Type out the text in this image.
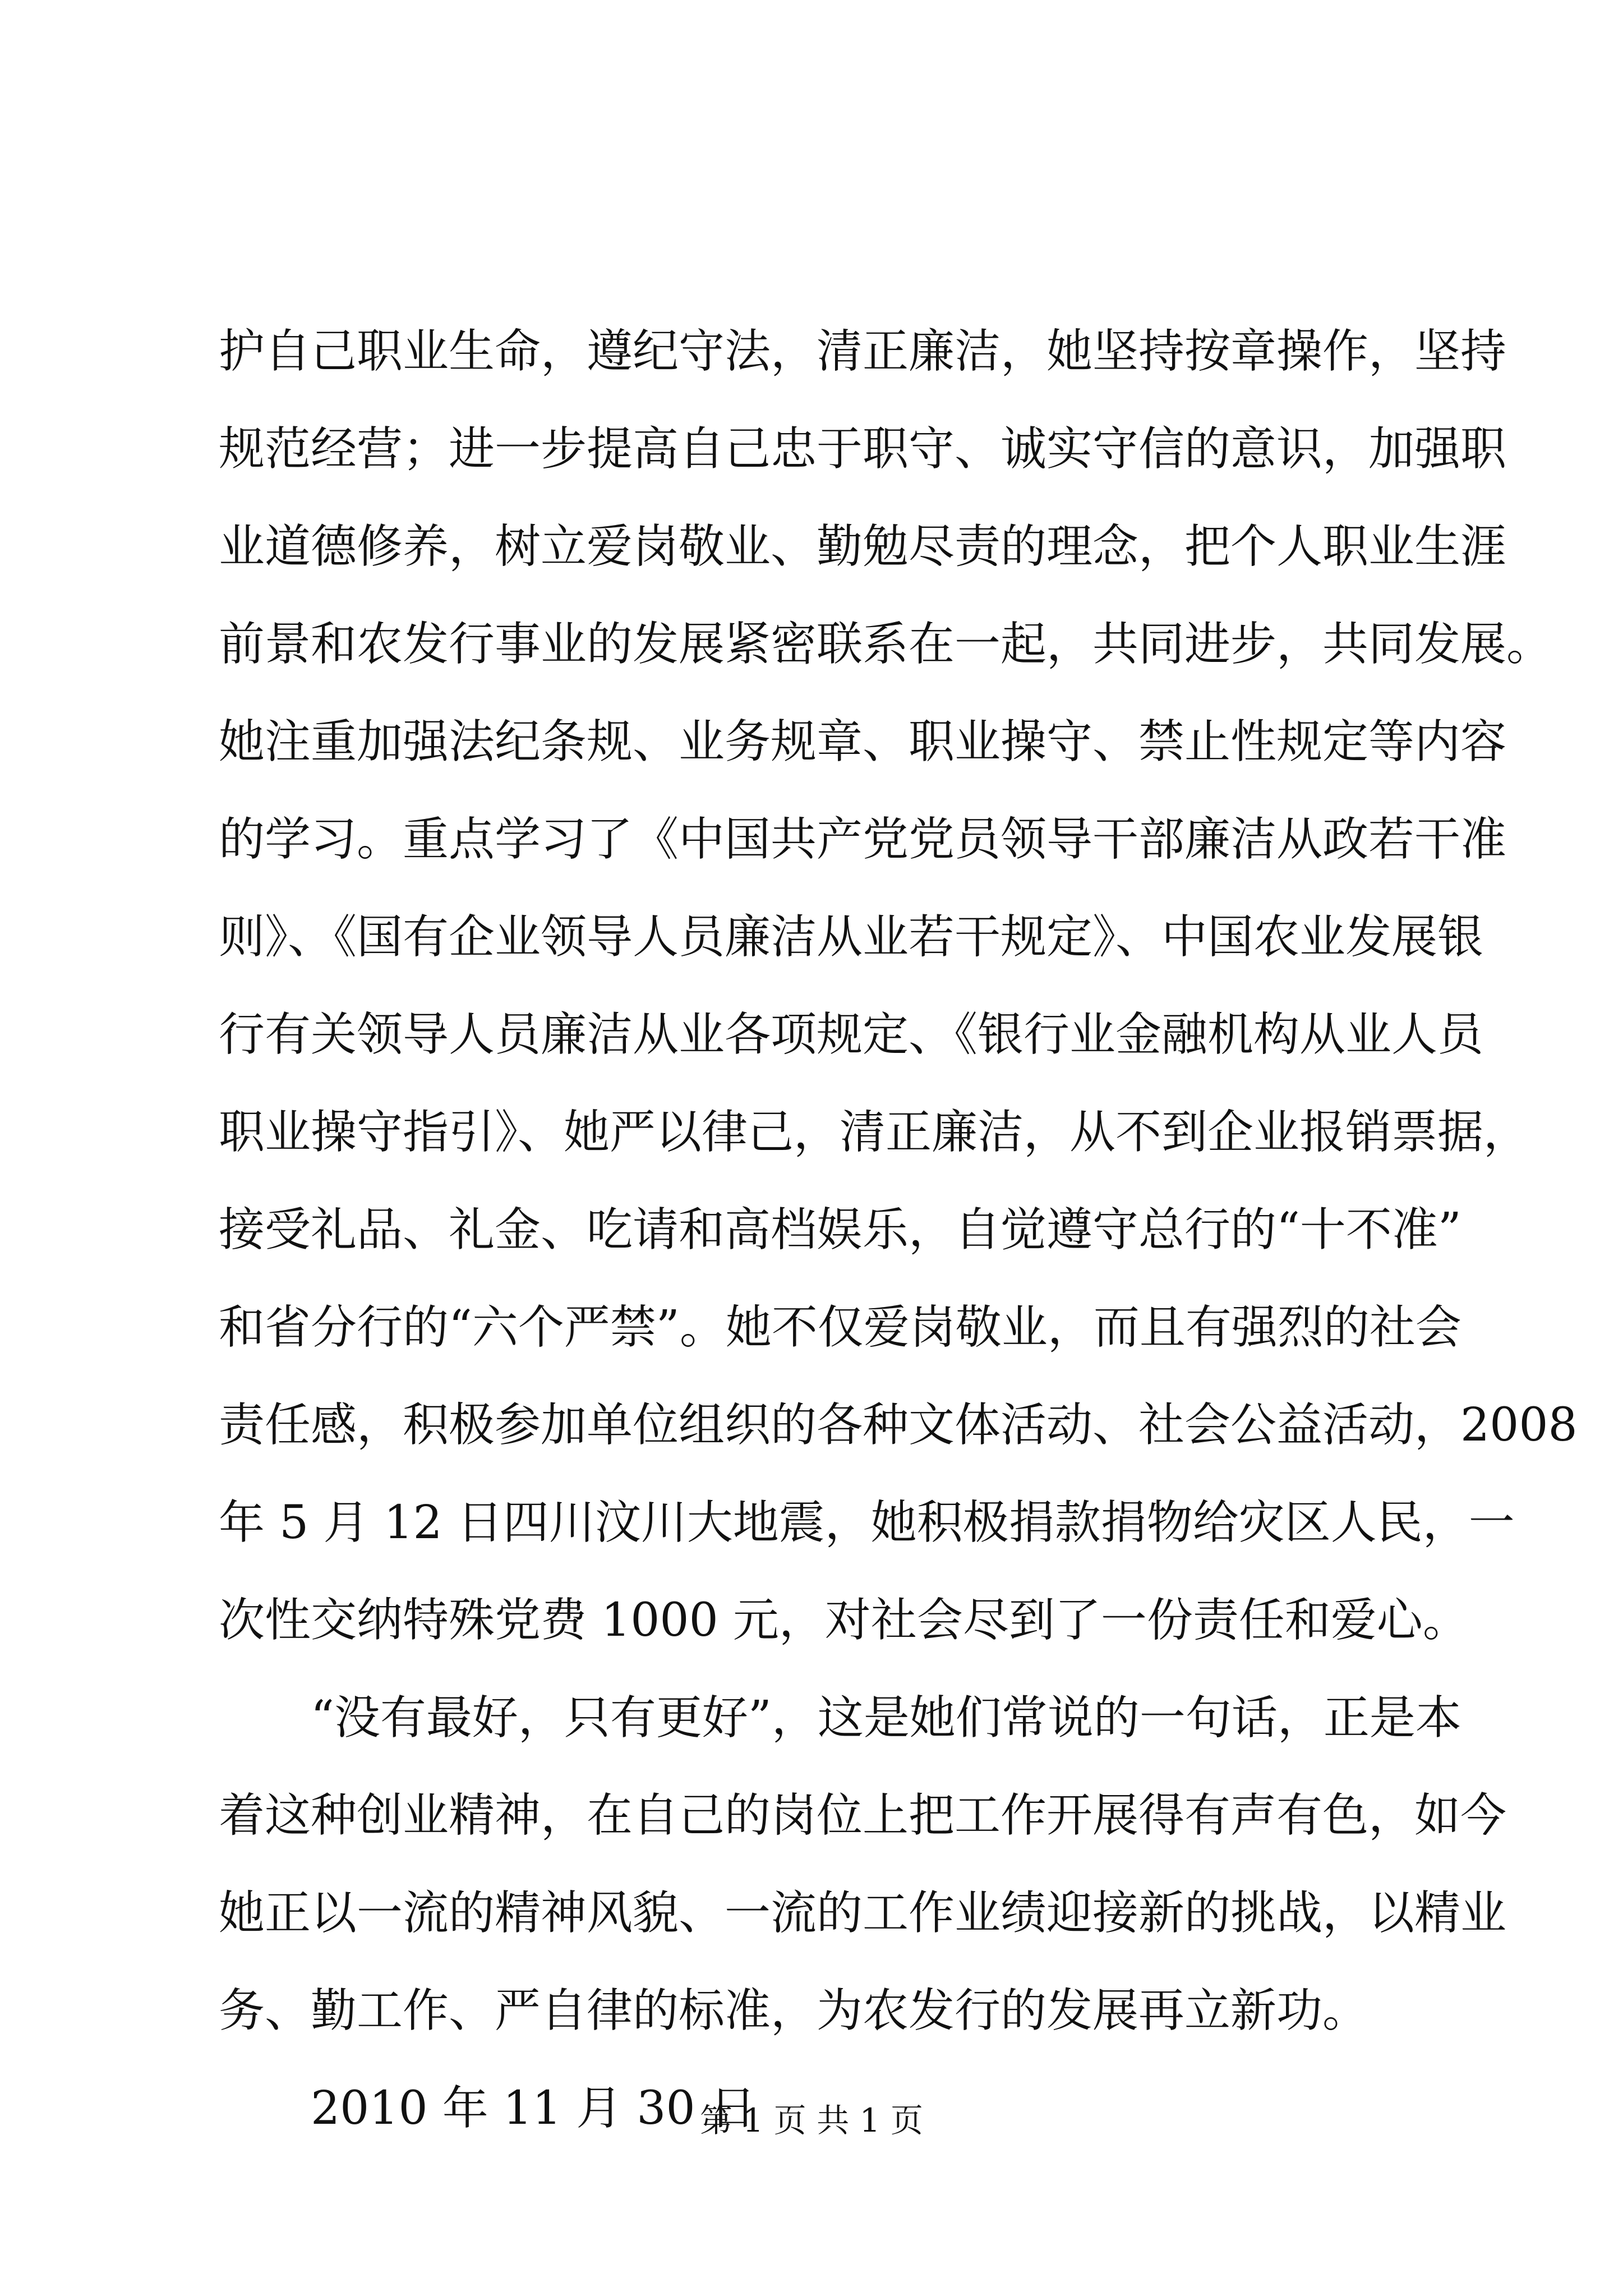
护自己职业生命，遵纪守法，清正廉洁，她坚持按章操作，坚持
规范经营；进一步提高自己忠于职守、诚实守信的意识，加强职
业道德修养，树立爱岗敬业、勤勉尽责的理念，把个人职业生涯
前景和农发行事业的发展紧密联系在一起，共同进步，共同发展。
她注重加强法纪条规、业务规章、职业操守、禁止性规定等内容
的学习。重点学习了《中国共产党党员领导干部廉洁从政若干准
则》、《国有企业领导人员廉洁从业若干规定》、中国农业发展银
行有关领导人员廉洁从业各项规定、《银行业金融机构从业人员
职业操守指引》、她严以律己，清正廉洁，从不到企业报销票据，
接受礼品、礼金、吃请和高档娱乐，自觉遵守总行的“十不准”
和省分行的“六个严禁”。她不仅爱岗敬业，而且有强烈的社会
责任感，积极参加单位组织的各种文体活动、社会公益活动，2008
年 5 月 12 日四川汶川大地震，她积极捐款捐物给灾区人民，一
次性交纳特殊党费 1000 元，对社会尽到了一份责任和爱心。
“没有最好，只有更好”，这是她们常说的一句话，正是本
着这种创业精神，在自己的岗位上把工作开展得有声有色，如今
她正以一流的精神风貌、一流的工作业绩迎接新的挑战，以精业
务、勤工作、严自律的标准，为农发行的发展再立新功。
2010 年 11 月 30 日
第 1 页 共 1 页
